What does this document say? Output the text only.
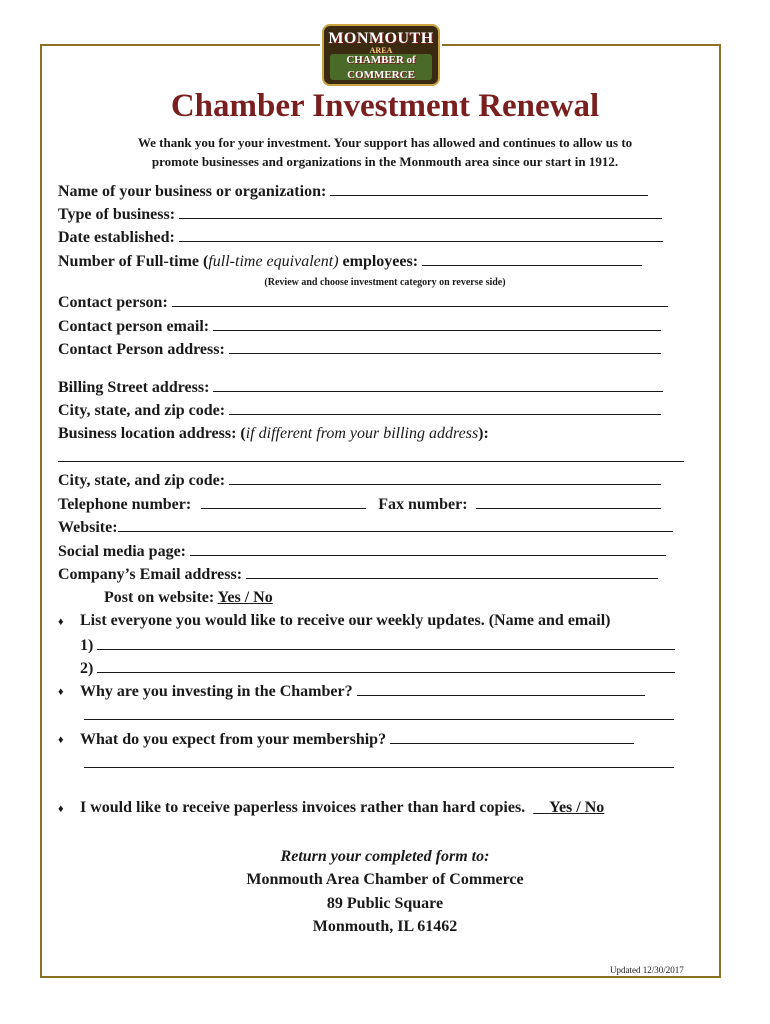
MONMOUTH
AREA
CHAMBER of
COMMERCE
Chamber Investment Renewal
We thank you for your investment. Your support has allowed and continues to allow us to
promote businesses and organizations in the Monmouth area since our start in 1912.
Name of your business or organization:
Type of business:
Date established:
Number of Full-time (full-time equivalent) employees:
(Review and choose investment category on reverse side)
Contact person:
Contact person email:
Contact Person address:
Billing Street address:
City, state, and zip code:
Business location address: (if different from your billing address):
City, state, and zip code:
Telephone number:	Fax number:
Website:
Social media page:
Company’s Email address:
Post on website: Yes / No
♦ List everyone you would like to receive our weekly updates. (Name and email)
1)
2)
♦ Why are you investing in the Chamber?
♦ What do you expect from your membership?
♦ I would like to receive paperless invoices rather than hard copies. Yes / No
Return your completed form to:
Monmouth Area Chamber of Commerce
89 Public Square
Monmouth, IL 61462
Updated 12/30/2017
